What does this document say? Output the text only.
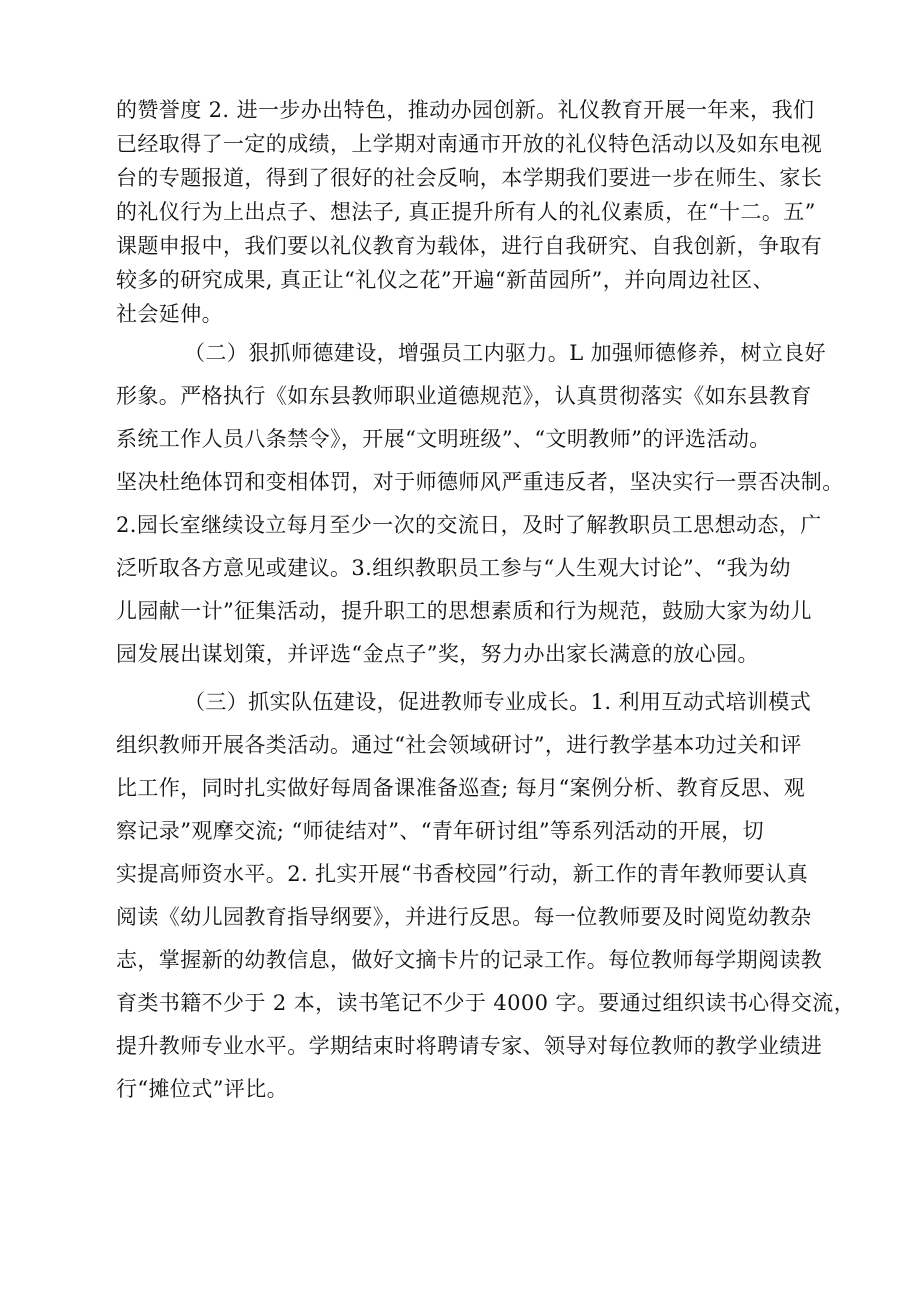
的赞誉度 2. 进一步办出特色，推动办园创新。礼仪教育开展一年来，我们
已经取得了一定的成绩，上学期对南通市开放的礼仪特色活动以及如东电视
台的专题报道，得到了很好的社会反响，本学期我们要进一步在师生、家长
的礼仪行为上出点子、想法子, 真正提升所有人的礼仪素质，在“十二。五”
课题申报中，我们要以礼仪教育为载体，进行自我研究、自我创新，争取有
较多的研究成果, 真正让“礼仪之花”开遍“新苗园所”，并向周边社区、
社会延伸。
（二）狠抓师德建设，增强员工内驱力。L 加强师德修养，树立良好
形象。严格执行《如东县教师职业道德规范》，认真贯彻落实《如东县教育
系统工作人员八条禁令》，开展“文明班级”、“文明教师”的评选活动。
坚决杜绝体罚和变相体罚，对于师德师风严重违反者，坚决实行一票否决制。
2.园长室继续设立每月至少一次的交流日，及时了解教职员工思想动态，广
泛听取各方意见或建议。3.组织教职员工参与“人生观大讨论”、“我为幼
儿园献一计”征集活动，提升职工的思想素质和行为规范，鼓励大家为幼儿
园发展出谋划策，并评选“金点子”奖，努力办出家长满意的放心园。
（三）抓实队伍建设，促进教师专业成长。1. 利用互动式培训模式
组织教师开展各类活动。通过“社会领域研讨”，进行教学基本功过关和评
比工作，同时扎实做好每周备课准备巡查; 每月“案例分析、教育反思、观
察记录”观摩交流; “师徒结对”、“青年研讨组”等系列活动的开展，切
实提高师资水平。2. 扎实开展“书香校园”行动，新工作的青年教师要认真
阅读《幼儿园教育指导纲要》，并进行反思。每一位教师要及时阅览幼教杂
志，掌握新的幼教信息，做好文摘卡片的记录工作。每位教师每学期阅读教
育类书籍不少于 2 本，读书笔记不少于 4000 字。要通过组织读书心得交流，
提升教师专业水平。学期结束时将聘请专家、领导对每位教师的教学业绩进
行“摊位式”评比。
